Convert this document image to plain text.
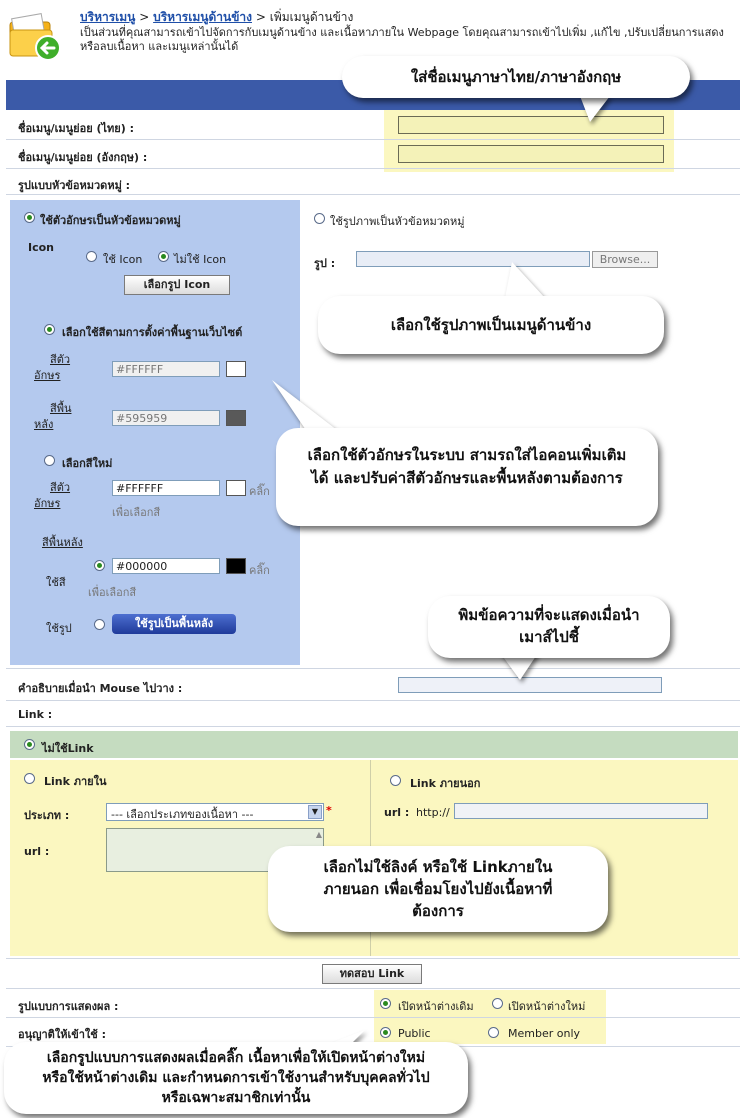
บริหารเมนู > บริหารเมนูด้านข้าง > เพิ่มเมนูด้านข้าง
เป็นส่วนที่คุณสามารถเข้าไปจัดการกับเมนูด้านข้าง และเนื้อหาภายใน Webpage โดยคุณสามารถเข้าไปเพิ่ม ,แก้ไข ,ปรับเปลี่ยนการแสดง หรือลบเนื้อหา และเมนูเหล่านั้นได้
ชื่อเมนู/เมนูย่อย (ไทย) :
ชื่อเมนู/เมนูย่อย (อังกฤษ) :
รูปแบบหัวข้อหมวดหมู่ :
ใช้ตัวอักษรเป็นหัวข้อหมวดหมู่
Icon
ใช้ Icon	ไม่ใช้ Icon
เลือกรูป Icon
เลือกใช้สีตามการตั้งค่าพื้นฐานเว็บไซต์
สีตัว
อักษร	#FFFFFF
สีพื้น
หลัง	#595959
เลือกสีใหม่
สีตัว
อักษร
#FFFFFF	คลิ๊ก
เพื่อเลือกสี
สีพื้นหลัง
ใช้สี
#000000	คลิ๊ก
เพื่อเลือกสี
ใช้รูป	ใช้รูปเป็นพื้นหลัง
ใช้รูปภาพเป็นหัวข้อหมวดหมู่
รูป :	Browse...
คำอธิบายเมื่อนำ Mouse ไปวาง :
Link :
ไม่ใช้Link
Link ภายใน
ประเภท :	--- เลือกประเภทของเนื้อหา ---	▼ *
url :
▲
Link ภายนอก
url : http://
ทดสอบ Link
รูปแบบการแสดงผล :	เปิดหน้าต่างเดิม	เปิดหน้าต่างใหม่
อนุญาติให้เข้าใช้ :	Public	Member only
ใส่ชื่อเมนูภาษาไทย/ภาษาอังกฤษ
เลือกใช้รูปภาพเป็นเมนูด้านข้าง
เลือกใช้ตัวอักษรในระบบ สามรถใส่ไอคอนเพิ่มเติมได้ และปรับค่าสีตัวอักษรและพื้นหลังตามต้องการ
พิมข้อความที่จะแสดงเมื่อนำเมาส์ไปชี้
เลือกไม่ใช้ลิงค์ หรือใช้ Linkภายใน ภายนอก เพื่อเชื่อมโยงไปยังเนื้อหาที่ต้องการ
เลือกรูปแบบการแสดงผลเมื่อคลิ๊ก เนื้อหาเพื่อให้เปิดหน้าต่างใหม่หรือใช้หน้าต่างเดิม และกำหนดการเข้าใช้งานสำหรับบุคคลทั่วไปหรือเฉพาะสมาชิกเท่านั้น
